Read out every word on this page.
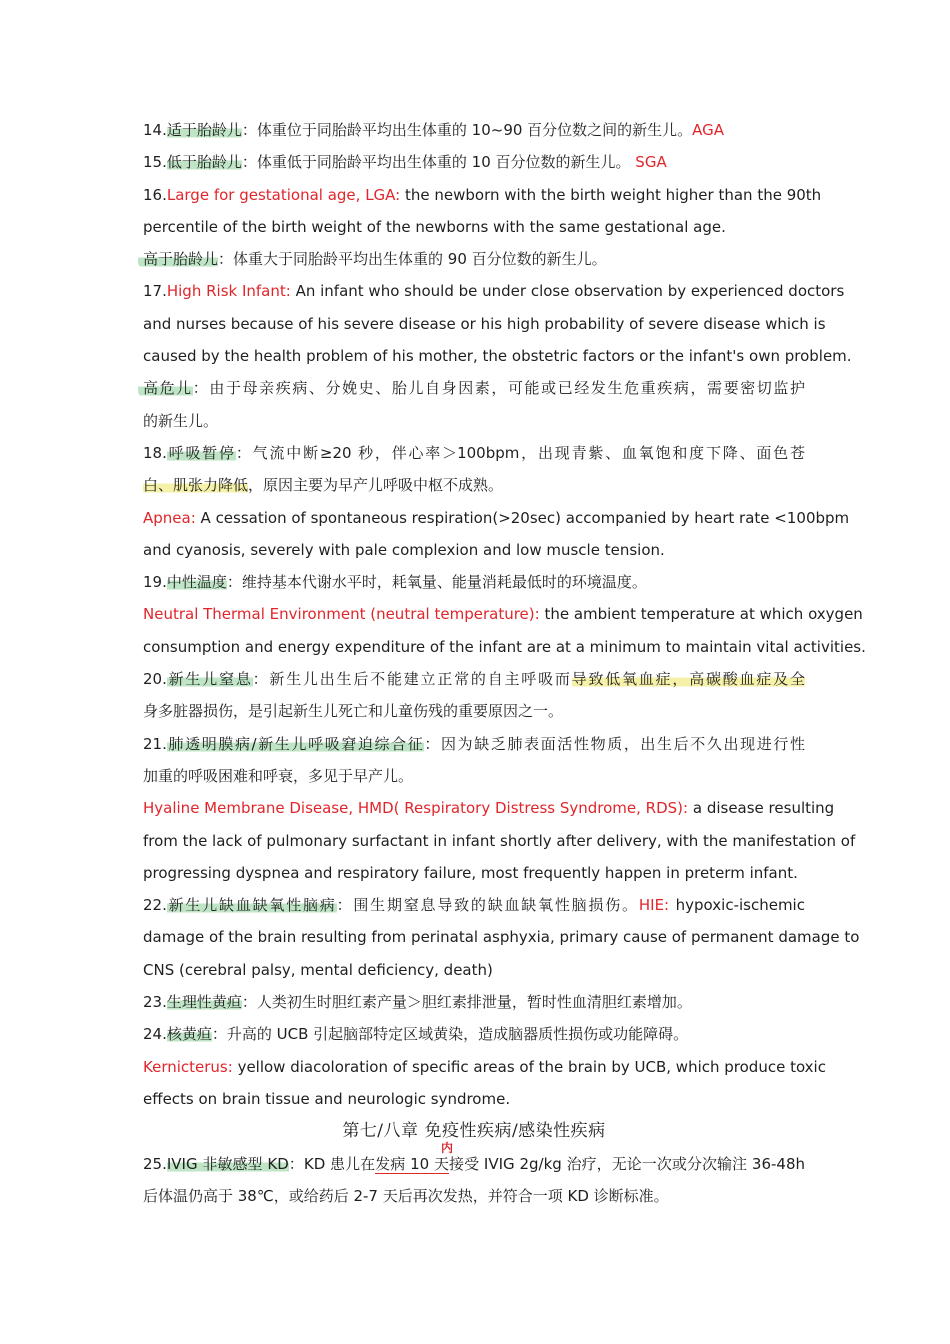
14.适于胎龄儿：体重位于同胎龄平均出生体重的 10~90 百分位数之间的新生儿。AGA
15.低于胎龄儿：体重低于同胎龄平均出生体重的 10 百分位数的新生儿。 SGA
16.Large for gestational age, LGA: the newborn with the birth weight higher than the 90th
percentile of the birth weight of the newborns with the same gestational age.
高于胎龄儿：体重大于同胎龄平均出生体重的 90 百分位数的新生儿。
17.High Risk Infant: An infant who should be under close observation by experienced doctors
and nurses because of his severe disease or his high probability of severe disease which is
caused by the health problem of his mother, the obstetric factors or the infant's own problem.
高危儿：由于母亲疾病、分娩史、胎儿自身因素，可能或已经发生危重疾病，需要密切监护
的新生儿。
18.呼吸暂停：气流中断≥20 秒，伴心率＞100bpm，出现青紫、血氧饱和度下降、面色苍
白、肌张力降低，原因主要为早产儿呼吸中枢不成熟。
Apnea: A cessation of spontaneous respiration(>20sec) accompanied by heart rate <100bpm
and cyanosis, severely with pale complexion and low muscle tension.
19.中性温度：维持基本代谢水平时，耗氧量、能量消耗最低时的环境温度。
Neutral Thermal Environment (neutral temperature): the ambient temperature at which oxygen
consumption and energy expenditure of the infant are at a minimum to maintain vital activities.
20.新生儿窒息：新生儿出生后不能建立正常的自主呼吸而导致低氧血症，高碳酸血症及全
身多脏器损伤，是引起新生儿死亡和儿童伤残的重要原因之一。
21.肺透明膜病/新生儿呼吸窘迫综合征：因为缺乏肺表面活性物质，出生后不久出现进行性
加重的呼吸困难和呼衰，多见于早产儿。
Hyaline Membrane Disease, HMD( Respiratory Distress Syndrome, RDS): a disease resulting
from the lack of pulmonary surfactant in infant shortly after delivery, with the manifestation of
progressing dyspnea and respiratory failure, most frequently happen in preterm infant.
22.新生儿缺血缺氧性脑病：围生期窒息导致的缺血缺氧性脑损伤。HIE: hypoxic-ischemic
damage of the brain resulting from perinatal asphyxia, primary cause of permanent damage to
CNS (cerebral palsy, mental deficiency, death)
23.生理性黄疸：人类初生时胆红素产量＞胆红素排泄量，暂时性血清胆红素增加。
24.核黄疸：升高的 UCB 引起脑部特定区域黄染，造成脑器质性损伤或功能障碍。
Kernicterus: yellow diacoloration of specific areas of the brain by UCB, which produce toxic
effects on brain tissue and neurologic syndrome.
第七/八章 免疫性疾病/感染性疾病
25.IVIG 非敏感型 KD：KD 患儿在发病 10 天接受 IVIG 2g/kg 治疗，无论一次或分次输注 36-48h
后体温仍高于 38℃，或给药后 2-7 天后再次发热，并符合一项 KD 诊断标准。
内
